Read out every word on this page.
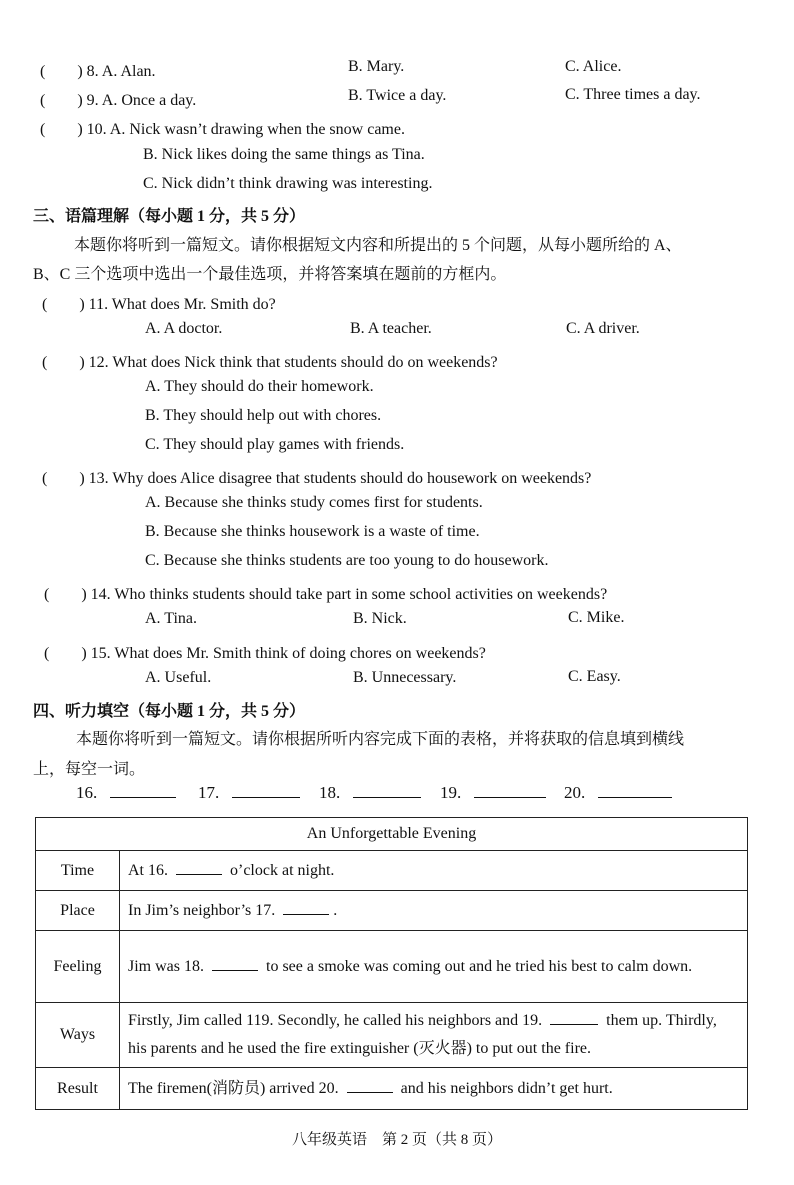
(　　) 8. A. Alan.	B. Mary.	C. Alice.
(　　) 9. A. Once a day.	B. Twice a day.	C. Three times a day.
(　　) 10. A. Nick wasn’t drawing when the snow came.
B. Nick likes doing the same things as Tina.
C. Nick didn’t think drawing was interesting.
三、语篇理解（每小题 1 分，共 5 分）
本题你将听到一篇短文。请你根据短文内容和所提出的 5 个问题，从每小题所给的 A、
B、C 三个选项中选出一个最佳选项，并将答案填在题前的方框内。
(　　) 11. What does Mr. Smith do?
A. A doctor.	B. A teacher.	C. A driver.
(　　) 12. What does Nick think that students should do on weekends?
A. They should do their homework.
B. They should help out with chores.
C. They should play games with friends.
(　　) 13. Why does Alice disagree that students should do housework on weekends?
A. Because she thinks study comes first for students.
B. Because she thinks housework is a waste of time.
C. Because she thinks students are too young to do housework.
(　　) 14. Who thinks students should take part in some school activities on weekends?
A. Tina.	B. Nick.	C. Mike.
(　　) 15. What does Mr. Smith think of doing chores on weekends?
A. Useful.	B. Unnecessary.	C. Easy.
四、听力填空（每小题 1 分，共 5 分）
本题你将听到一篇短文。请你根据所听内容完成下面的表格，并将获取的信息填到横线
上，每空一词。
16.	17.	18.	19.	20.
An Unforgettable Evening	
Time	At 16. o’clock at night.
Place	In Jim’s neighbor’s 17. .
Feeling	Jim was 18. to see a smoke was coming out and he tried his best to calm down.
Ways	Firstly, Jim called 119. Secondly, he called his neighbors and 19. them up. Thirdly, his parents and he used the fire extinguisher (灭火器) to put out the fire.
Result	The firemen(消防员) arrived 20. and his neighbors didn’t get hurt.
八年级英语　第 2 页（共 8 页）
